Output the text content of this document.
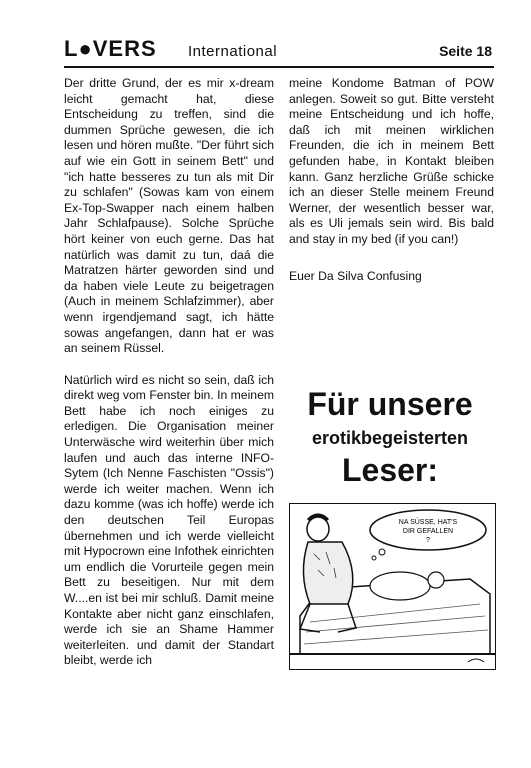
L●VERS International	Seite 18

Der dritte Grund, der es mir x-dream leicht gemacht hat, diese Entscheidung zu treffen, sind die dummen Sprüche gewesen, die ich lesen und hören mußte. "Der führt sich auf wie ein Gott in seinem Bett" und "ich hatte besseres zu tun als mit Dir zu schlafen" (Sowas kam von einem Ex-Top-Swapper nach einem halben Jahr Schlafpause). Solche Sprüche hört keiner von euch gerne. Das hat natürlich was damit zu tun, daá die Matratzen härter geworden sind und da haben viele Leute zu beigetragen (Auch in meinem Schlafzimmer), aber wenn irgendjemand sagt, ich hätte sowas angefangen, dann hat er was an seinem Rüssel.

Natürlich wird es nicht so sein, daß ich direkt weg vom Fenster bin. In meinem Bett habe ich noch einiges zu erledigen. Die Organisation meiner Unterwäsche wird weiterhin über mich laufen und auch das interne INFO-Sytem (Ich Nenne Faschisten "Ossis") werde ich weiter machen. Wenn ich dazu komme (was ich hoffe) werde ich den deutschen Teil Europas übernehmen und ich werde vielleicht mit Hypocrown eine Infothek einrichten um endlich die Vorurteile gegen mein Bett zu beseitigen. Nur mit dem W....en ist bei mir schluß. Damit meine Kontakte aber nicht ganz einschlafen, werde ich sie an Shame Hammer weiterleiten. und damit der Standart bleibt, werde ich

meine Kondome Batman of POW anlegen. Soweit so gut. Bitte versteht meine Entscheidung und ich hoffe, daß ich mit meinen wirklichen Freunden, die ich in meinem Bett gefunden habe, in Kontakt bleiben kann. Ganz herzliche Grüße schicke ich an dieser Stelle meinem Freund Werner, der wesentlich besser war, als es Uli jemals sein wird. Bis bald and stay in my bed (if you can!)

Euer Da Silva Confusing
Für unsere
erotikbegeisterten
Leser:
NA SÜSSE, HAT'S
DIR GEFALLEN
?
